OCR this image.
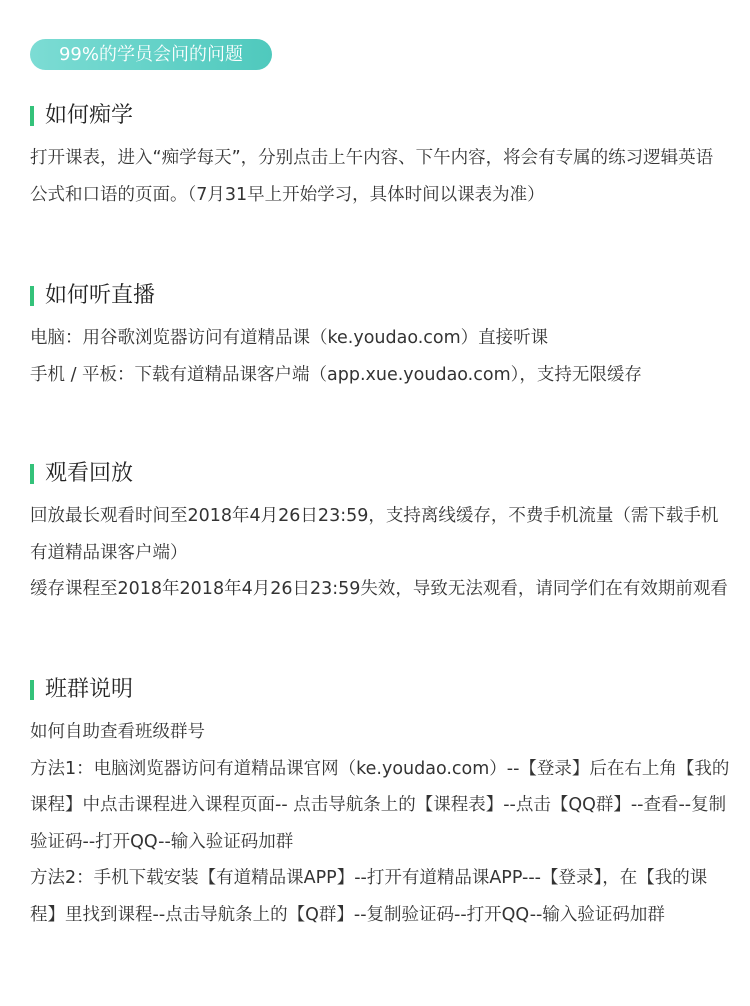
99%的学员会问的问题
如何痴学

打开课表，进入“痴学每天”，分别点击上午内容、下午内容，将会有专属的练习逻辑英语公式和口语的页面。（7月31早上开始学习，具体时间以课表为准）

如何听直播

电脑：用谷歌浏览器访问有道精品课（ke.youdao.com）直接听课

手机 / 平板：下载有道精品课客户端（app.xue.youdao.com），支持无限缓存

观看回放

回放最长观看时间至2018年4月26日23:59，支持离线缓存，不费手机流量（需下载手机有道精品课客户端）

缓存课程至2018年2018年4月26日23:59失效，导致无法观看，请同学们在有效期前观看

班群说明

如何自助查看班级群号

方法1：电脑浏览器访问有道精品课官网（ke.youdao.com）--【登录】后在右上角【我的课程】中点击课程进入课程页面-- 点击导航条上的【课程表】--点击【QQ群】--查看--复制验证码--打开QQ--输入验证码加群

方法2：手机下载安装【有道精品课APP】--打开有道精品课APP---【登录】，在【我的课程】里找到课程--点击导航条上的【Q群】--复制验证码--打开QQ--输入验证码加群
